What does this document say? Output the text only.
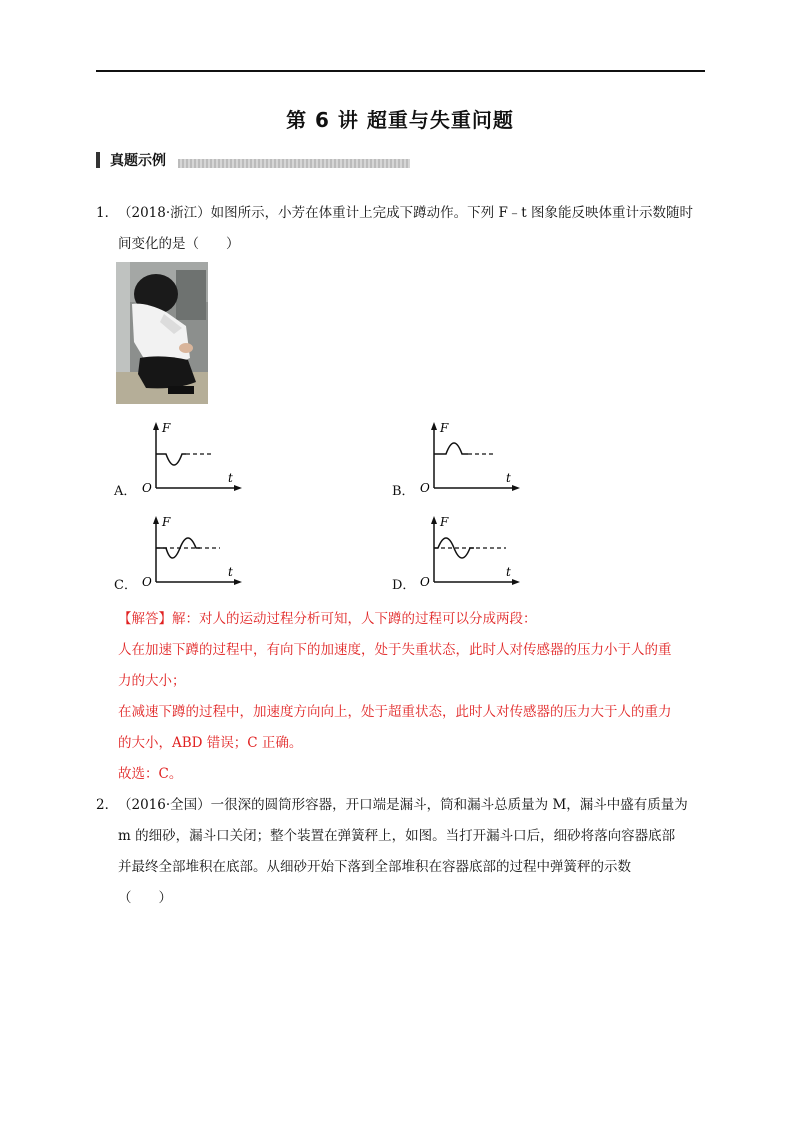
第 6 讲 超重与失重问题
真题示例
1．（2018·浙江）如图所示，小芳在体重计上完成下蹲动作。下列 F﹣t 图象能反映体重计示数随时
间变化的是（　　）
A．
F
t
O	B．
F
t
O
C．
F
t
O	D．
F
t
O
【解答】解：对人的运动过程分析可知，人下蹲的过程可以分成两段：
人在加速下蹲的过程中，有向下的加速度，处于失重状态，此时人对传感器的压力小于人的重
力的大小；
在减速下蹲的过程中，加速度方向向上，处于超重状态，此时人对传感器的压力大于人的重力
的大小，ABD 错误；C 正确。
故选：C。
2．（2016·全国）一很深的圆筒形容器，开口端是漏斗，筒和漏斗总质量为 M，漏斗中盛有质量为
m 的细砂，漏斗口关闭；整个装置在弹簧秤上，如图。当打开漏斗口后，细砂将落向容器底部
并最终全部堆积在底部。从细砂开始下落到全部堆积在容器底部的过程中弹簧秤的示数
（　　）
